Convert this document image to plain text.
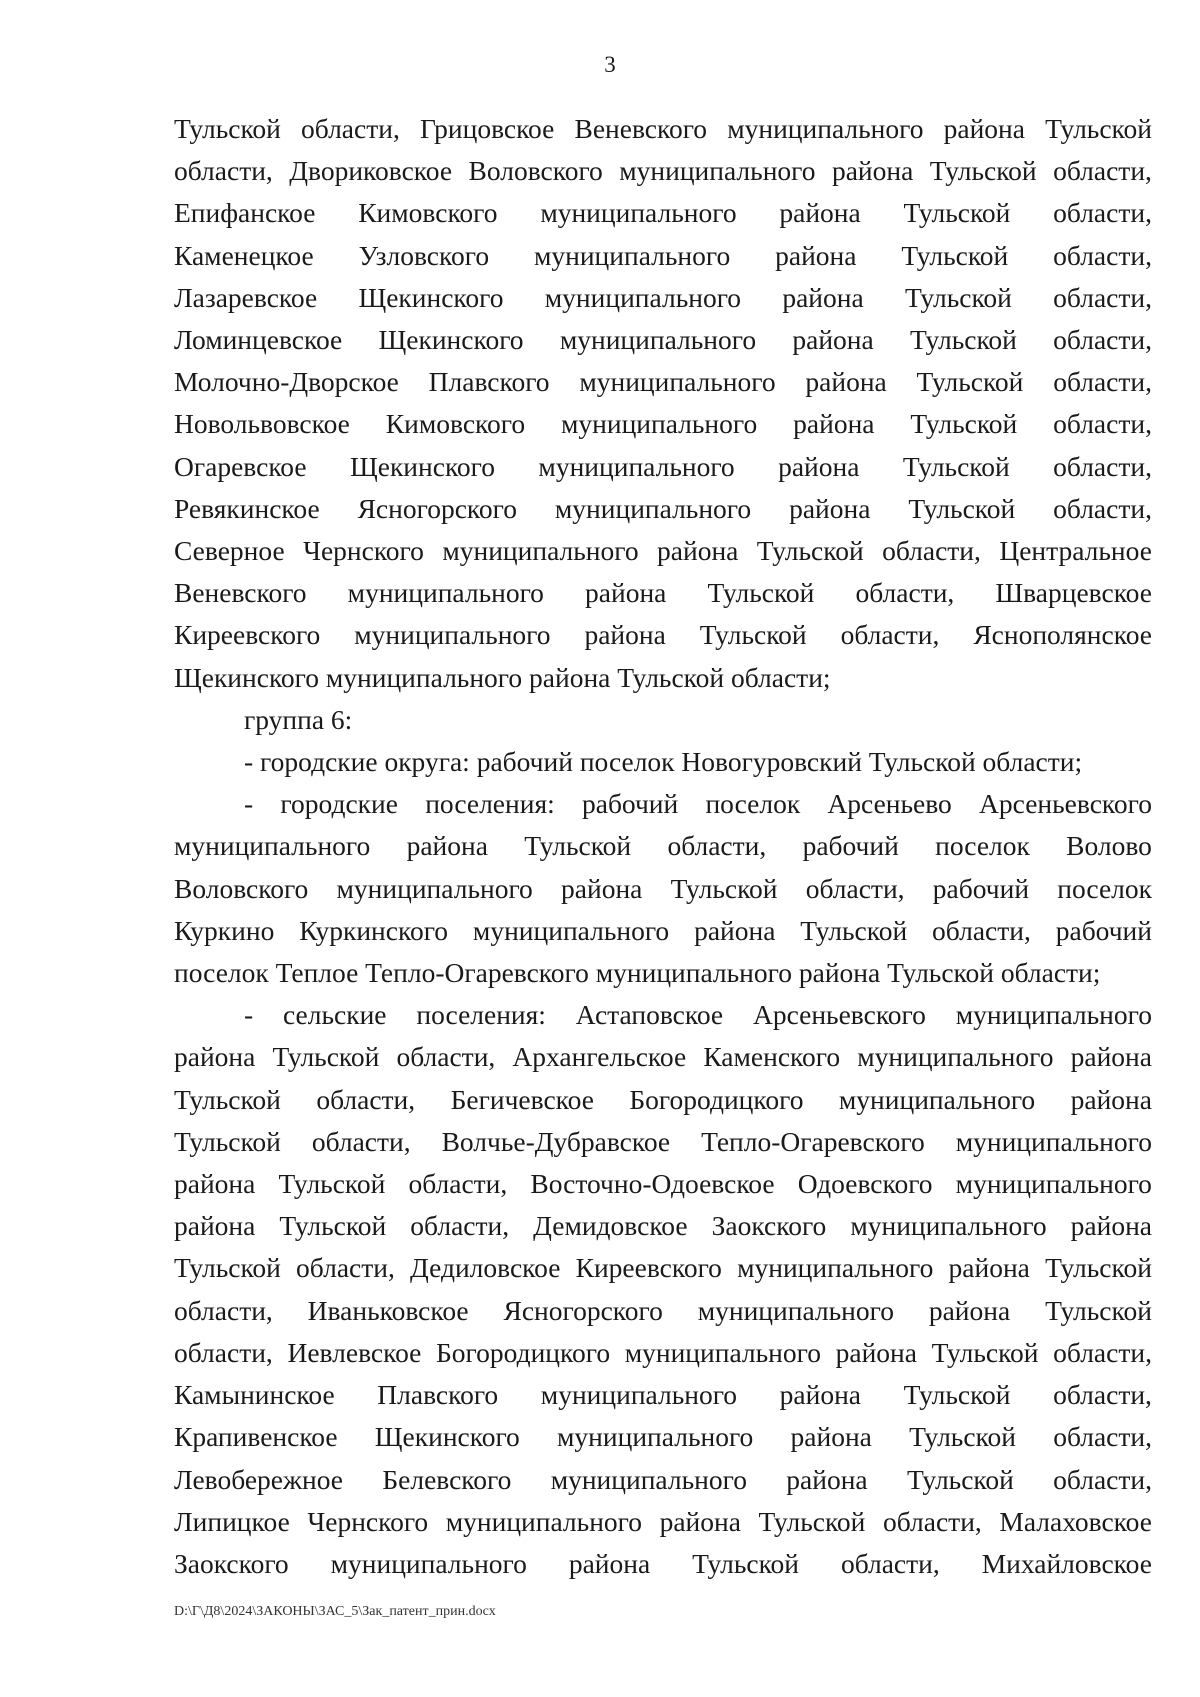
3

Тульской области, Грицовское Веневского муниципального района Тульской
области, Двориковское Воловского муниципального района Тульской области,
Епифанское Кимовского муниципального района Тульской области,
Каменецкое Узловского муниципального района Тульской области,
Лазаревское Щекинского муниципального района Тульской области,
Ломинцевское Щекинского муниципального района Тульской области,
Молочно-Дворское Плавского муниципального района Тульской области,
Новольвовское Кимовского муниципального района Тульской области,
Огаревское Щекинского муниципального района Тульской области,
Ревякинское Ясногорского муниципального района Тульской области,
Северное Чернского муниципального района Тульской области, Центральное
Веневского муниципального района Тульской области, Шварцевское
Киреевского муниципального района Тульской области, Яснополянское
Щекинского муниципального района Тульской области;

группа 6:

- городские округа: рабочий поселок Новогуровский Тульской области;

- городские поселения: рабочий поселок Арсеньево Арсеньевского
муниципального района Тульской области, рабочий поселок Волово
Воловского муниципального района Тульской области, рабочий поселок
Куркино Куркинского муниципального района Тульской области, рабочий
поселок Теплое Тепло-Огаревского муниципального района Тульской области;

- сельские поселения: Астаповское Арсеньевского муниципального
района Тульской области, Архангельское Каменского муниципального района
Тульской области, Бегичевское Богородицкого муниципального района
Тульской области, Волчье-Дубравское Тепло-Огаревского муниципального
района Тульской области, Восточно-Одоевское Одоевского муниципального
района Тульской области, Демидовское Заокского муниципального района
Тульской области, Дедиловское Киреевского муниципального района Тульской
области, Иваньковское Ясногорского муниципального района Тульской
области, Иевлевское Богородицкого муниципального района Тульской области,
Камынинское Плавского муниципального района Тульской области,
Крапивенское Щекинского муниципального района Тульской области,
Левобережное Белевского муниципального района Тульской области,
Липицкое Чернского муниципального района Тульской области, Малаховское
Заокского муниципального района Тульской области, Михайловское

D:\Г\Д8\2024\ЗАКОНЫ\ЗАС_5\Зак_патент_прин.docx
